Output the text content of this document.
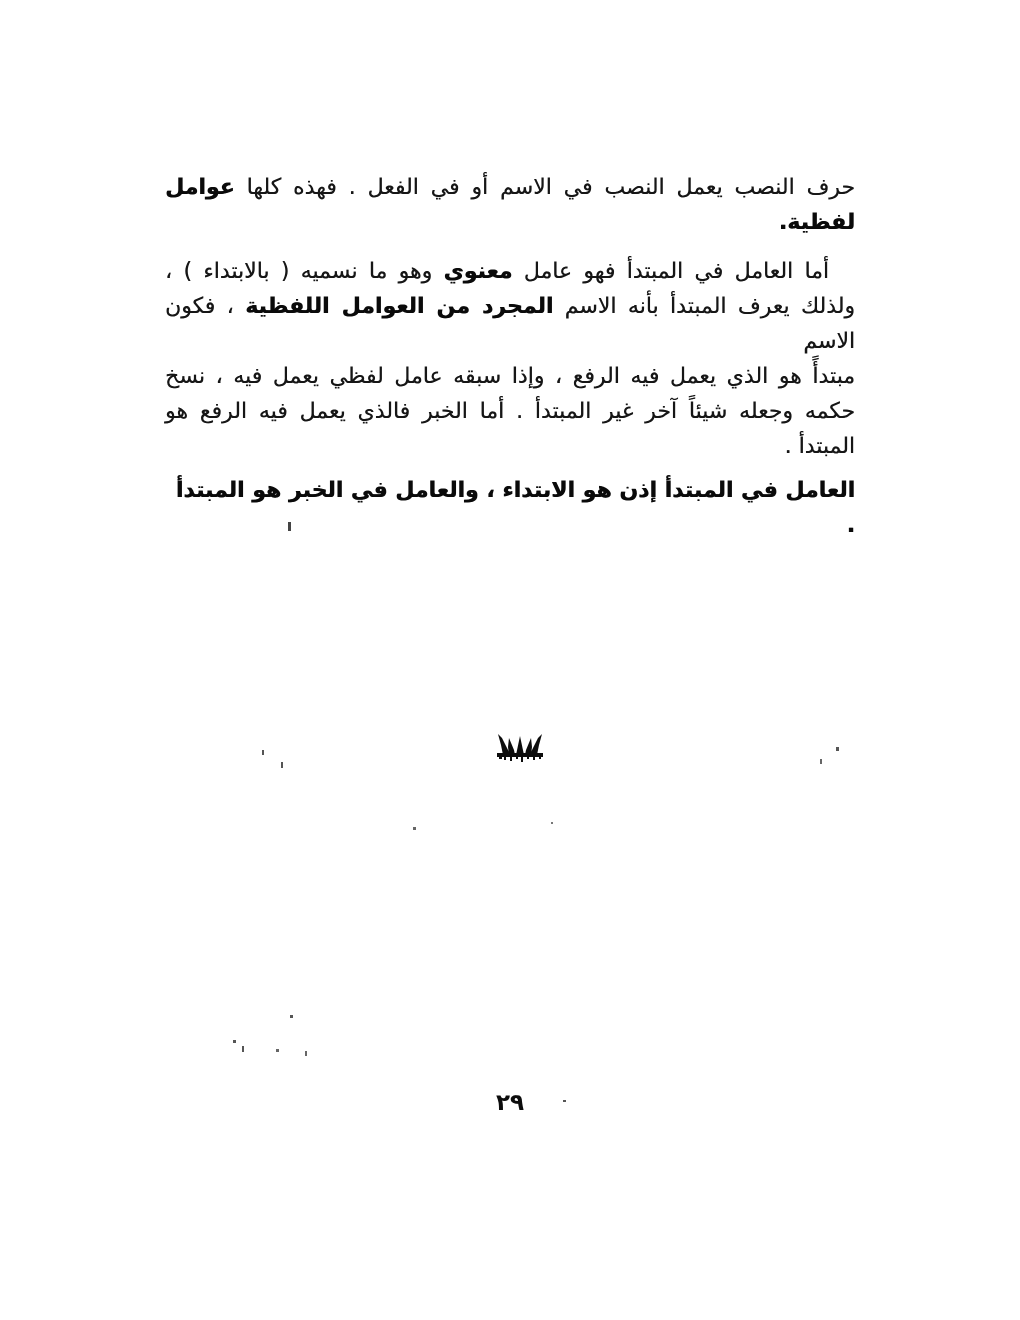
حرف النصب يعمل النصب في الاسم أو في الفعل . فهذه كلها عوامل لفظية.
أما العامل في المبتدأ فهو عامل معنوي وهو ما نسميه ( بالابتداء ) ،
ولذلك يعرف المبتدأ بأنه الاسم المجرد من العوامل اللفظية ، فكون الاسم
مبتدأً هو الذي يعمل فيه الرفع ، وإذا سبقه عامل لفظي يعمل فيه ، نسخ
حكمه وجعله شيئاً آخر غير المبتدأ . أما الخبر فالذي يعمل فيه الرفع هو
المبتدأ .
العامل في المبتدأ إذن هو الابتداء ، والعامل في الخبر هو المبتدأ .
٢٩
